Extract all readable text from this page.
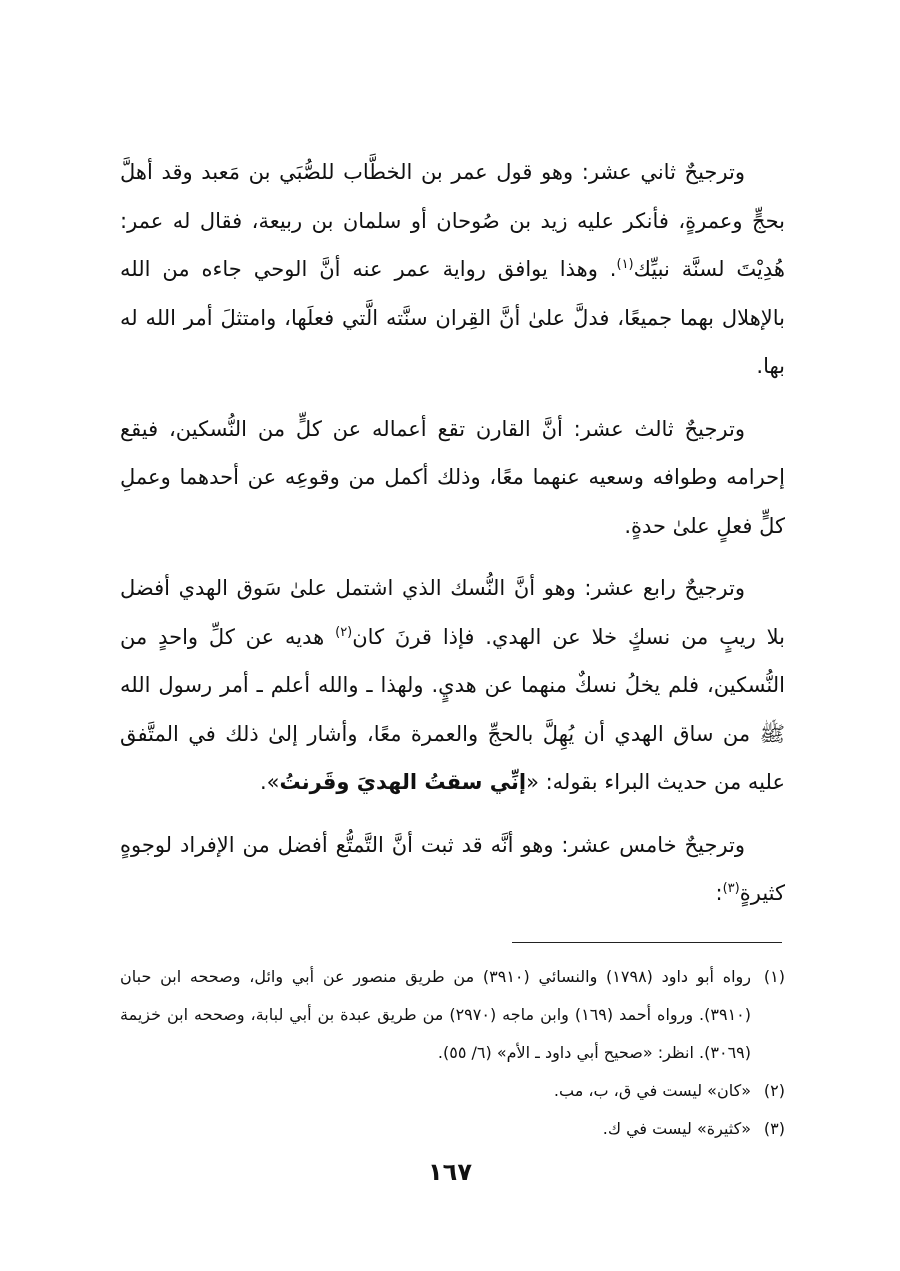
وترجيحٌ ثاني عشر: وهو قول عمر بن الخطَّاب للصُّبَي بن مَعبد وقد أهلَّ بحجٍّ وعمرةٍ، فأنكر عليه زيد بن صُوحان أو سلمان بن ربيعة، فقال له عمر: هُدِيْتَ لسنَّة نبيِّك$^{(١)}$. وهذا يوافق رواية عمر عنه أنَّ الوحي جاءه من الله بالإهلال بهما جميعًا، فدلَّ علىٰ أنَّ القِران سنَّته الَّتي فعلَها، وامتثلَ أمر الله له بها.

وترجيحٌ ثالث عشر: أنَّ القارن تقع أعماله عن كلٍّ من النُّسكين، فيقع إحرامه وطوافه وسعيه عنهما معًا، وذلك أكمل من وقوعِه عن أحدهما وعملِ كلٍّ فعلٍ علىٰ حدةٍ.

وترجيحٌ رابع عشر: وهو أنَّ النُّسك الذي اشتمل علىٰ سَوق الهدي أفضل بلا ريبٍ من نسكٍ خلا عن الهدي. فإذا قرنَ كان$^{(٢)}$ هديه عن كلِّ واحدٍ من النُّسكين، فلم يخلُ نسكٌ منهما عن هديٍ. ولهذا ـ والله أعلم ـ أمر رسول الله ﷺ من ساق الهدي أن يُهِلَّ بالحجِّ والعمرة معًا، وأشار إلىٰ ذلك في المتَّفق عليه من حديث البراء بقوله: «إنِّي سقتُ الهديَ وقَرنتُ».

وترجيحٌ خامس عشر: وهو أنَّه قد ثبت أنَّ التَّمتُّع أفضل من الإفراد لوجوهٍ كثيرةٍ$^{(٣)}$:

(١)
رواه أبو داود (١٧٩٨) والنسائي (٣٩١٠) من طريق منصور عن أبي وائل، وصححه ابن حبان (٣٩١٠). ورواه أحمد (١٦٩) وابن ماجه (٢٩٧٠) من طريق عبدة بن أبي لبابة، وصححه ابن خزيمة (٣٠٦٩). انظر: «صحيح أبي داود ـ الأم» (٦/ ٥٥).
(٢)
«كان» ليست في ق، ب، مب.
(٣)
«كثيرة» ليست في ك.
١٦٧
